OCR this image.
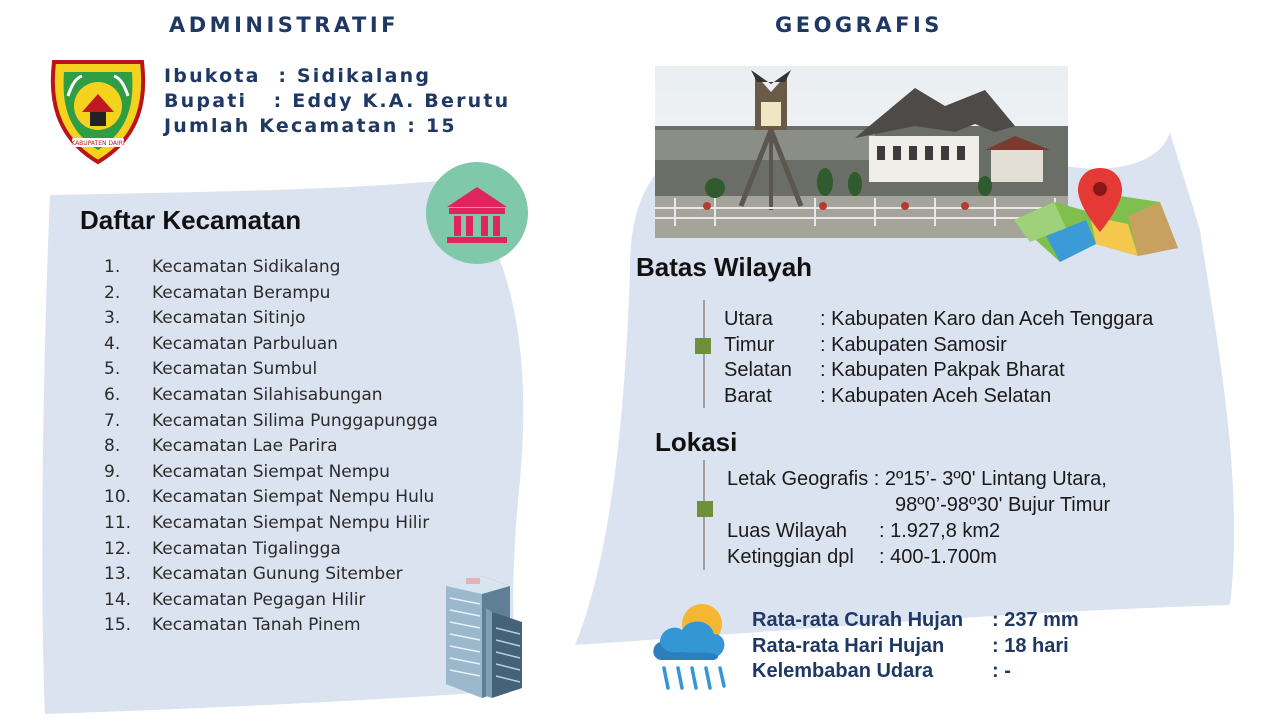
ADMINISTRATIF	GEOGRAFIS
KABUPATEN DAIRI
Ibukota : Sidikalang
Bupati : Eddy K.A. Berutu
Jumlah Kecamatan : 15
Daftar Kecamatan
1.	Kecamatan Sidikalang
2.	Kecamatan Berampu
3.	Kecamatan Sitinjo
4.	Kecamatan Parbuluan
5.	Kecamatan Sumbul
6.	Kecamatan Silahisabungan
7.	Kecamatan Silima Punggapungga
8.	Kecamatan Lae Parira
9.	Kecamatan Siempat Nempu
10.	Kecamatan Siempat Nempu Hulu
11.	Kecamatan Siempat Nempu Hilir
12.	Kecamatan Tigalingga
13.	Kecamatan Gunung Sitember
14.	Kecamatan Pegagan Hilir
15.	Kecamatan Tanah Pinem
Batas Wilayah
Utara	: Kabupaten Karo dan Aceh Tenggara
Timur	: Kabupaten Samosir
Selatan	: Kabupaten Pakpak Bharat
Barat	: Kabupaten Aceh Selatan
Lokasi
Letak Geografis : 2º15’- 3º0' Lintang Utara,
98º0’-98º30' Bujur Timur
Luas Wilayah	: 1.927,8 km2
Ketinggian dpl	: 400-1.700m
Rata-rata Curah Hujan	: 237 mm
Rata-rata Hari Hujan	: 18 hari
Kelembaban Udara	: -
